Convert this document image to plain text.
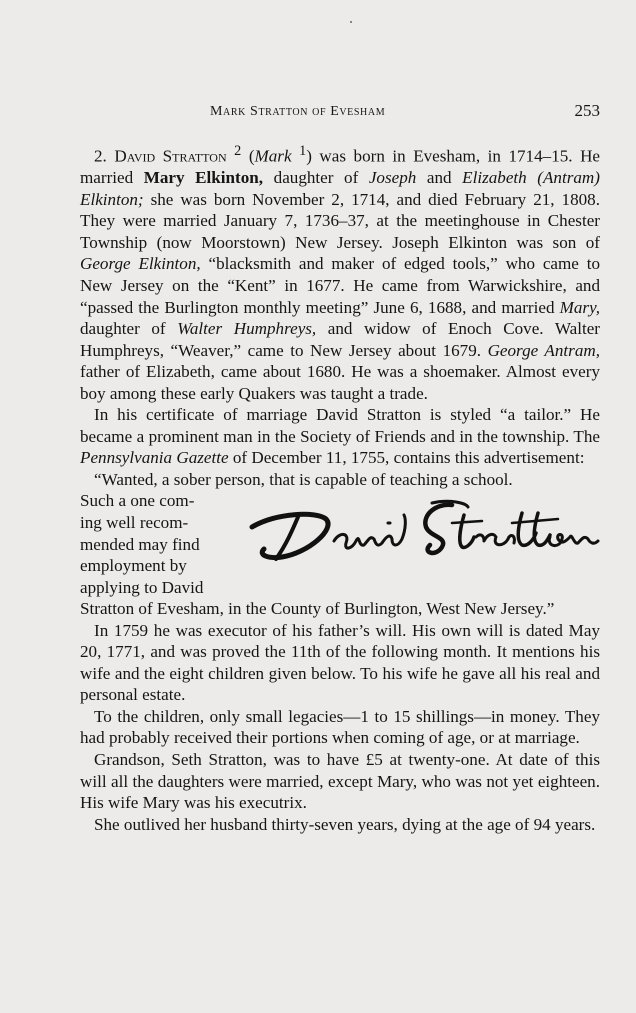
Mark Stratton of Evesham	253

2. David Stratton $^2$ (Mark $^1$) was born in Evesham, in 1714–15. He married Mary Elkinton, daughter of Joseph and Elizabeth (Antram) Elkinton; she was born November 2, 1714, and died February 21, 1808. They were married January 7, 1736–37, at the meetinghouse in Chester Township (now Moorstown) New Jersey. Joseph Elkinton was son of George Elkinton, “blacksmith and maker of edged tools,” who came to New Jersey on the “Kent” in 1677. He came from Warwickshire, and “passed the Burlington monthly meeting” June 6, 1688, and married Mary, daughter of Walter Humphreys, and widow of Enoch Cove. Walter Humphreys, “Weaver,” came to New Jersey about 1679. George Antram, father of Elizabeth, came about 1680. He was a shoemaker. Almost every boy among these early Quakers was taught a trade.

In his certificate of marriage David Stratton is styled “a tailor.” He became a prominent man in the Society of Friends and in the township. The Pennsylvania Gazette of December 11, 1755, contains this advertisement:

“Wanted, a sober person, that is capable of teaching a school.

Such a one com-

ing well recom-

mended may find

employment by

applying to David

Stratton of Evesham, in the County of Burlington, West New Jersey.”

In 1759 he was executor of his father’s will. His own will is dated May 20, 1771, and was proved the 11th of the following month. It mentions his wife and the eight children given below. To his wife he gave all his real and personal estate.

To the children, only small legacies—1 to 15 shillings—in money. They had probably received their portions when coming of age, or at marriage.

Grandson, Seth Stratton, was to have £5 at twenty-one. At date of this will all the daughters were married, except Mary, who was not yet eighteen. His wife Mary was his executrix.

She outlived her husband thirty-seven years, dying at the age of 94 years.
